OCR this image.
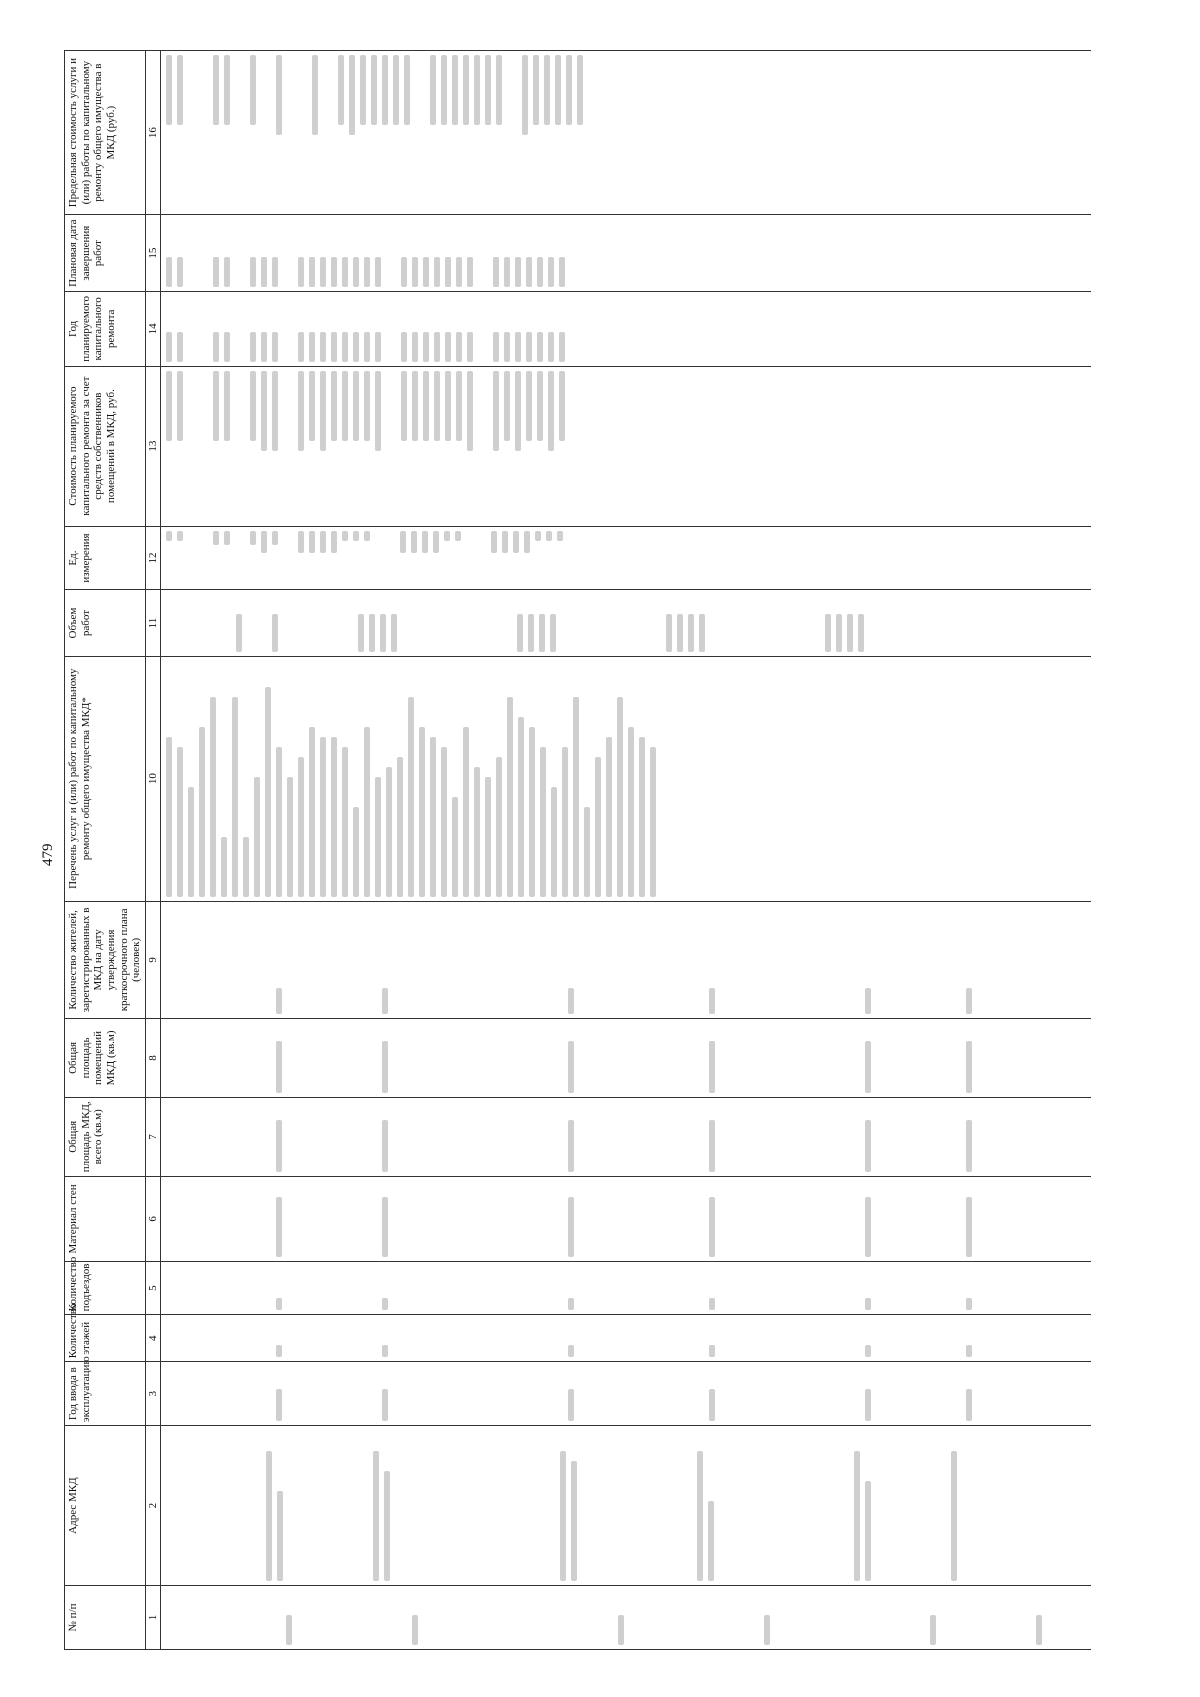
479
№ п/п	Адрес МКД	Год ввода в эксплуатацию	Количество этажей	Количество подъездов	Материал стен	Общая площадь МКД, всего (кв.м)	Общая площадь помещений МКД (кв.м)	Количество жителей, зарегистрированных в МКД на дату утверждения краткосрочного плана (человек)	Перечень услуг и (или) работ по капитальному ремонту общего имущества МКД*	Объем работ	Ед. измерения	Стоимость планируемого капитального ремонта за счет средств собственников помещений в МКД, руб.	Год планируемого капитального ремонта	Плановая дата завершения работ	Предельная стоимость услуги и (или) работы по капитальному ремонту общего имущества в МКД (руб.)
1	2	3	4	5	6	7	8	9	10	11	12	13	14	15	16
